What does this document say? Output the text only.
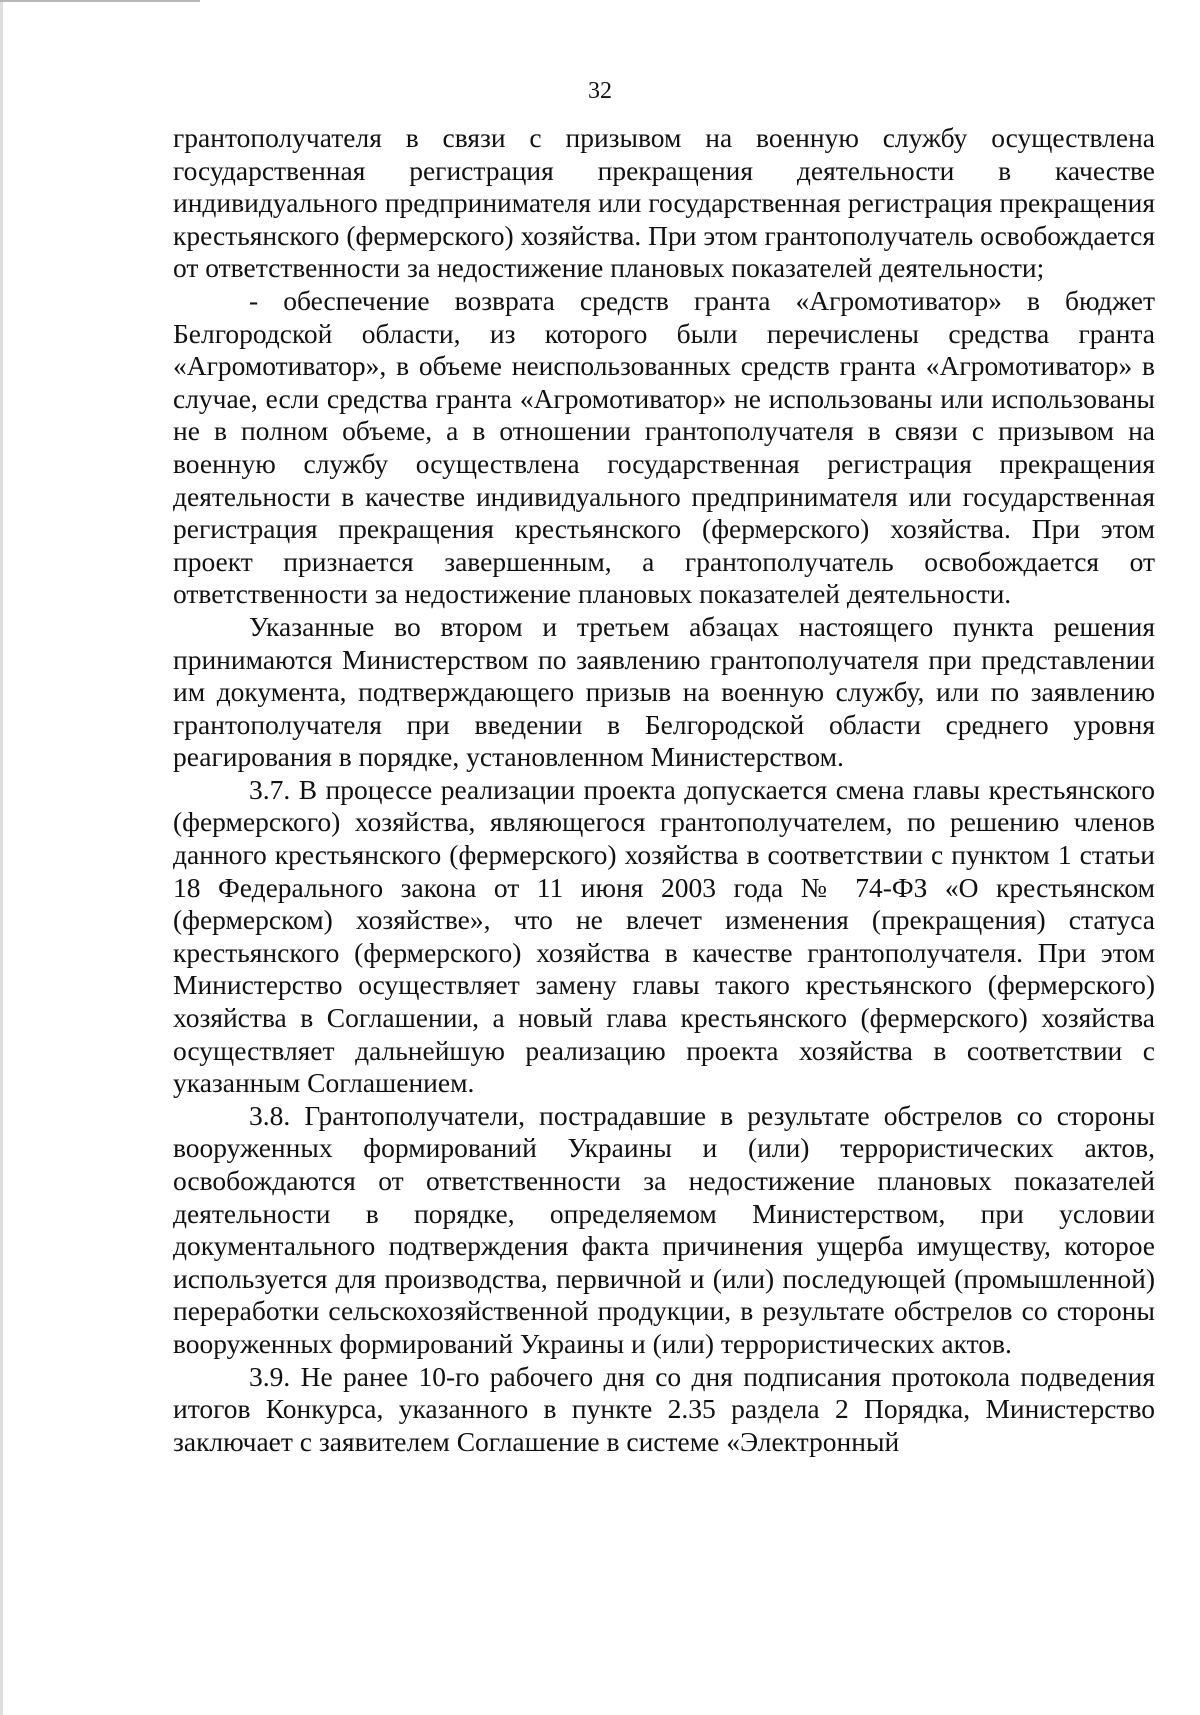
32

грантополучателя в связи с призывом на военную службу осуществлена государственная регистрация прекращения деятельности в качестве индивидуального предпринимателя или государственная регистрация прекращения крестьянского (фермерского) хозяйства. При этом грантополучатель освобождается от ответственности за недостижение плановых показателей деятельности;

- обеспечение возврата средств гранта «Агромотиватор» в бюджет Белгородской области, из которого были перечислены средства гранта «Агромотиватор», в объеме неиспользованных средств гранта «Агромотиватор» в случае, если средства гранта «Агромотиватор» не использованы или использованы не в полном объеме, а в отношении грантополучателя в связи с призывом на военную службу осуществлена государственная регистрация прекращения деятельности в качестве индивидуального предпринимателя или государственная регистрация прекращения крестьянского (фермерского) хозяйства. При этом проект признается завершенным, а грантополучатель освобождается от ответственности за недостижение плановых показателей деятельности.

Указанные во втором и третьем абзацах настоящего пункта решения принимаются Министерством по заявлению грантополучателя при представлении им документа, подтверждающего призыв на военную службу, или по заявлению грантополучателя при введении в Белгородской области среднего уровня реагирования в порядке, установленном Министерством.

3.7. В процессе реализации проекта допускается смена главы крестьянского (фермерского) хозяйства, являющегося грантополучателем, по решению членов данного крестьянского (фермерского) хозяйства в соответствии с пунктом 1 статьи 18 Федерального закона от 11 июня 2003 года № 74-ФЗ «О крестьянском (фермерском) хозяйстве», что не влечет изменения (прекращения) статуса крестьянского (фермерского) хозяйства в качестве грантополучателя. При этом Министерство осуществляет замену главы такого крестьянского (фермерского) хозяйства в Соглашении, а новый глава крестьянского (фермерского) хозяйства осуществляет дальнейшую реализацию проекта хозяйства в соответствии с указанным Соглашением.

3.8. Грантополучатели, пострадавшие в результате обстрелов со стороны вооруженных формирований Украины и (или) террористических актов, освобождаются от ответственности за недостижение плановых показателей деятельности в порядке, определяемом Министерством, при условии документального подтверждения факта причинения ущерба имуществу, которое используется для производства, первичной и (или) последующей (промышленной) переработки сельскохозяйственной продукции, в результате обстрелов со стороны вооруженных формирований Украины и (или) террористических актов.

3.9. Не ранее 10-го рабочего дня со дня подписания протокола подведения итогов Конкурса, указанного в пункте 2.35 раздела 2 Порядка, Министерство заключает с заявителем Соглашение в системе «Электронный
